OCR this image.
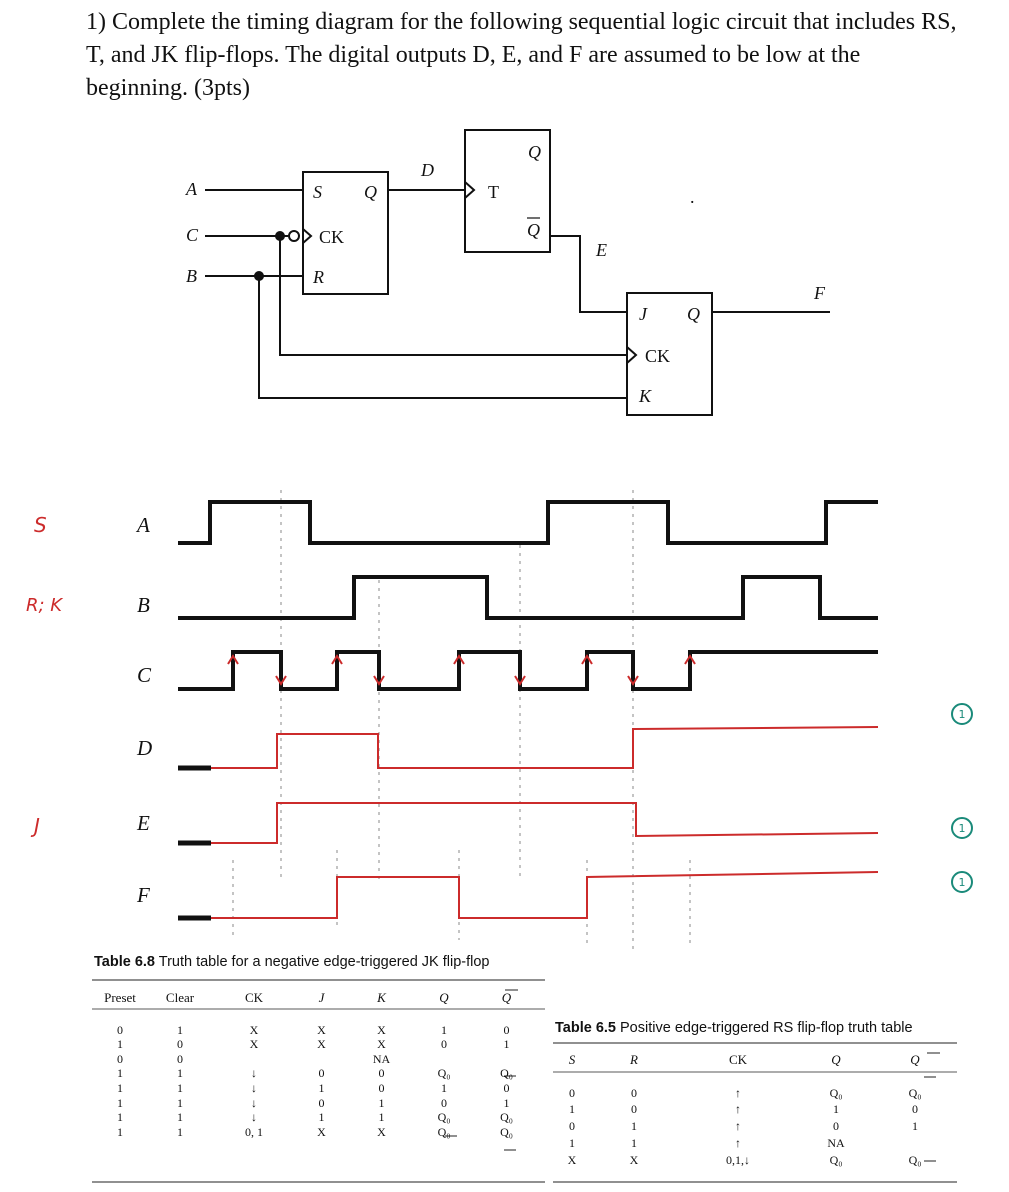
1) Complete the timing diagram for the following sequential logic circuit that includes RS, T, and JK flip-flops. The digital outputs D, E, and F are assumed to be low at the beginning. (3pts)
A
C
B
S Q
CK
R
D
T
Q
Q
E
J Q
CK
K
F
.
A
B
C
D
E
F
S
R; K
J
1
1
1
Table 6.8 Truth table for a negative edge-triggered JK flip-flop
Preset	Clear	CK	J	K	Q	Q

0	1	X	X	X	1	0
1	0	X	X	X	0	1
0	0			NA		
1	1	↓	0	0	Q₀	Q₀
1	1	↓	1	0	1	0
1	1	↓	0	1	0	1
1	1	↓	1	1	Q₀	Q₀
1	1	0, 1	X	X	Q₀	Q₀
Table 6.5 Positive edge-triggered RS flip-flop truth table
S	R	CK	Q	Q

0	0	↑	Q₀	Q₀
1	0	↑	1	0
0	1	↑	0	1
1	1	↑	NA	
X	X	0,1,↓	Q₀	Q₀
